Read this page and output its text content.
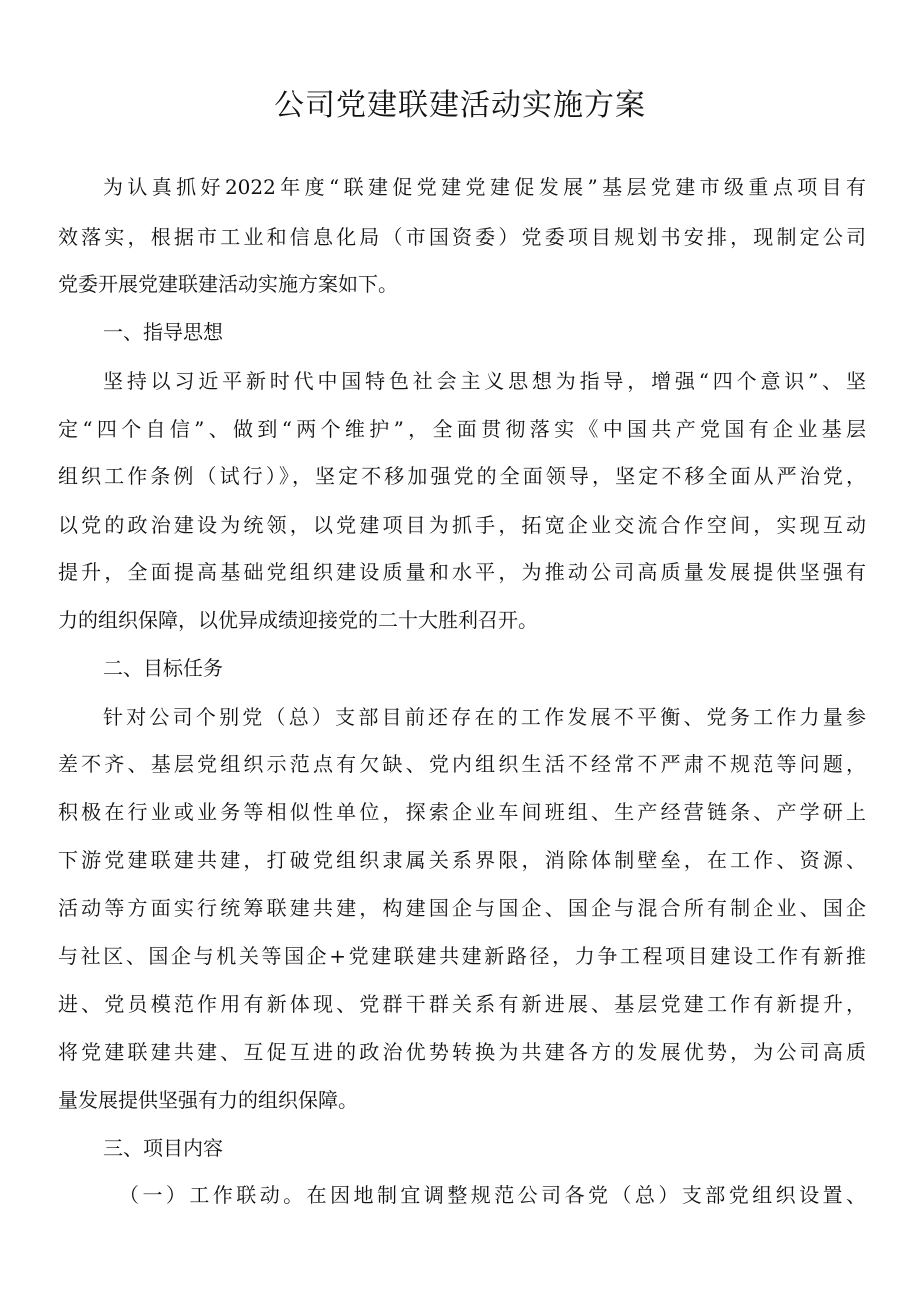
公司党建联建活动实施方案
为认真抓好2022年度“联建促党建党建促发展”基层党建市级重点项目有
效落实，根据市工业和信息化局（市国资委）党委项目规划书安排，现制定公司
党委开展党建联建活动实施方案如下。
一、指导思想
坚持以习近平新时代中国特色社会主义思想为指导，增强“四个意识”、坚
定“四个自信”、做到“两个维护”，全面贯彻落实《中国共产党国有企业基层
组织工作条例（试行）》，坚定不移加强党的全面领导，坚定不移全面从严治党，
以党的政治建设为统领，以党建项目为抓手，拓宽企业交流合作空间，实现互动
提升，全面提高基础党组织建设质量和水平，为推动公司高质量发展提供坚强有
力的组织保障，以优异成绩迎接党的二十大胜利召开。
二、目标任务
针对公司个别党（总）支部目前还存在的工作发展不平衡、党务工作力量参
差不齐、基层党组织示范点有欠缺、党内组织生活不经常不严肃不规范等问题，
积极在行业或业务等相似性单位，探索企业车间班组、生产经营链条、产学研上
下游党建联建共建，打破党组织隶属关系界限，消除体制壁垒，在工作、资源、
活动等方面实行统筹联建共建，构建国企与国企、国企与混合所有制企业、国企
与社区、国企与机关等国企+党建联建共建新路径，力争工程项目建设工作有新推
进、党员模范作用有新体现、党群干群关系有新进展、基层党建工作有新提升，
将党建联建共建、互促互进的政治优势转换为共建各方的发展优势，为公司高质
量发展提供坚强有力的组织保障。
三、项目内容
（一）工作联动。在因地制宜调整规范公司各党（总）支部党组织设置、
